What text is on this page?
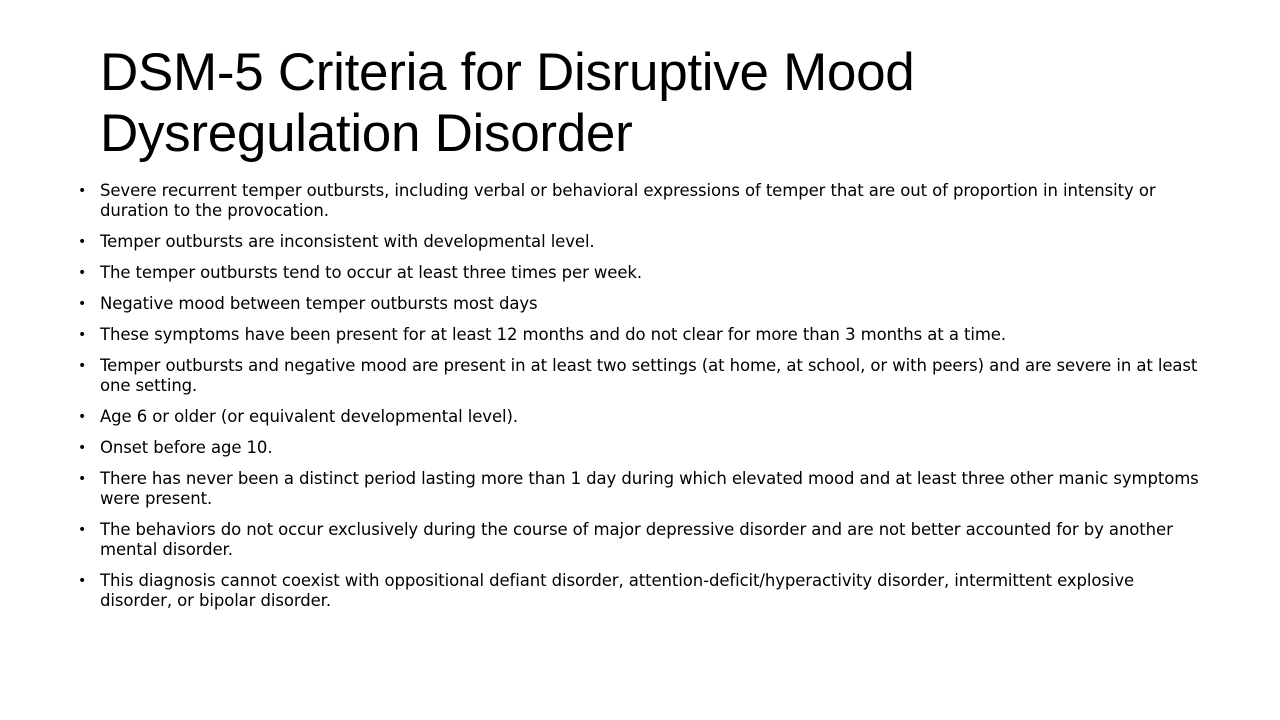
DSM-5 Criteria for Disruptive Mood Dysregulation Disorder
• Severe recurrent temper outbursts, including verbal or behavioral expressions of temper that are out of proportion in intensity or duration to the provocation.
• Temper outbursts are inconsistent with developmental level.
• The temper outbursts tend to occur at least three times per week.
• Negative mood between temper outbursts most days
• These symptoms have been present for at least 12 months and do not clear for more than 3 months at a time.
• Temper outbursts and negative mood are present in at least two settings (at home, at school, or with peers) and are severe in at least one setting.
• Age 6 or older (or equivalent developmental level).
• Onset before age 10.
• There has never been a distinct period lasting more than 1 day during which elevated mood and at least three other manic symptoms were present.
• The behaviors do not occur exclusively during the course of major depressive disorder and are not better accounted for by another mental disorder.
• This diagnosis cannot coexist with oppositional defiant disorder, attention-deficit/hyperactivity disorder, intermittent explosive disorder, or bipolar disorder.
